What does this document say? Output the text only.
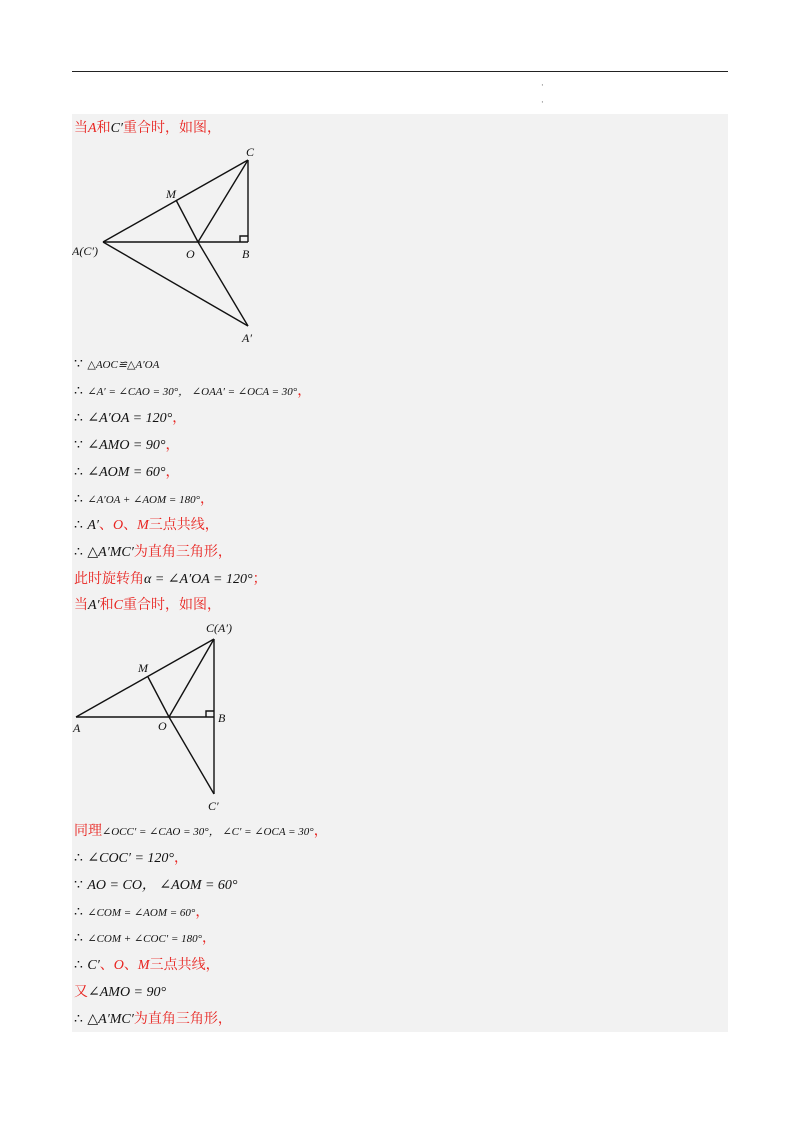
·
·

当A和C′重合时，如图，
C
M
A(C′)	O	B
A′
∵ △AOC≌△A′OA
∴ ∠A′ = ∠CAO = 30°， ∠OAA′ = ∠OCA = 30°，
∴ ∠A′OA = 120°，
∵ ∠AMO = 90°，
∴ ∠AOM = 60°，
∴ ∠A′OA + ∠AOM = 180°，
∴ A′、O、M三点共线，
∴ △A′MC′为直角三角形，
此时旋转角α = ∠A′OA = 120°；
当A′和C重合时，如图，
C(A′)
M
A	O
B
C′
同理∠OCC′ = ∠CAO = 30°， ∠C′ = ∠OCA = 30°，
∴ ∠COC′ = 120°，
∵ AO = CO， ∠AOM = 60°
∴ ∠COM = ∠AOM = 60°，
∴ ∠COM + ∠COC′ = 180°，
∴ C′、O、M三点共线，
又∠AMO = 90°
∴ △A′MC′为直角三角形，
